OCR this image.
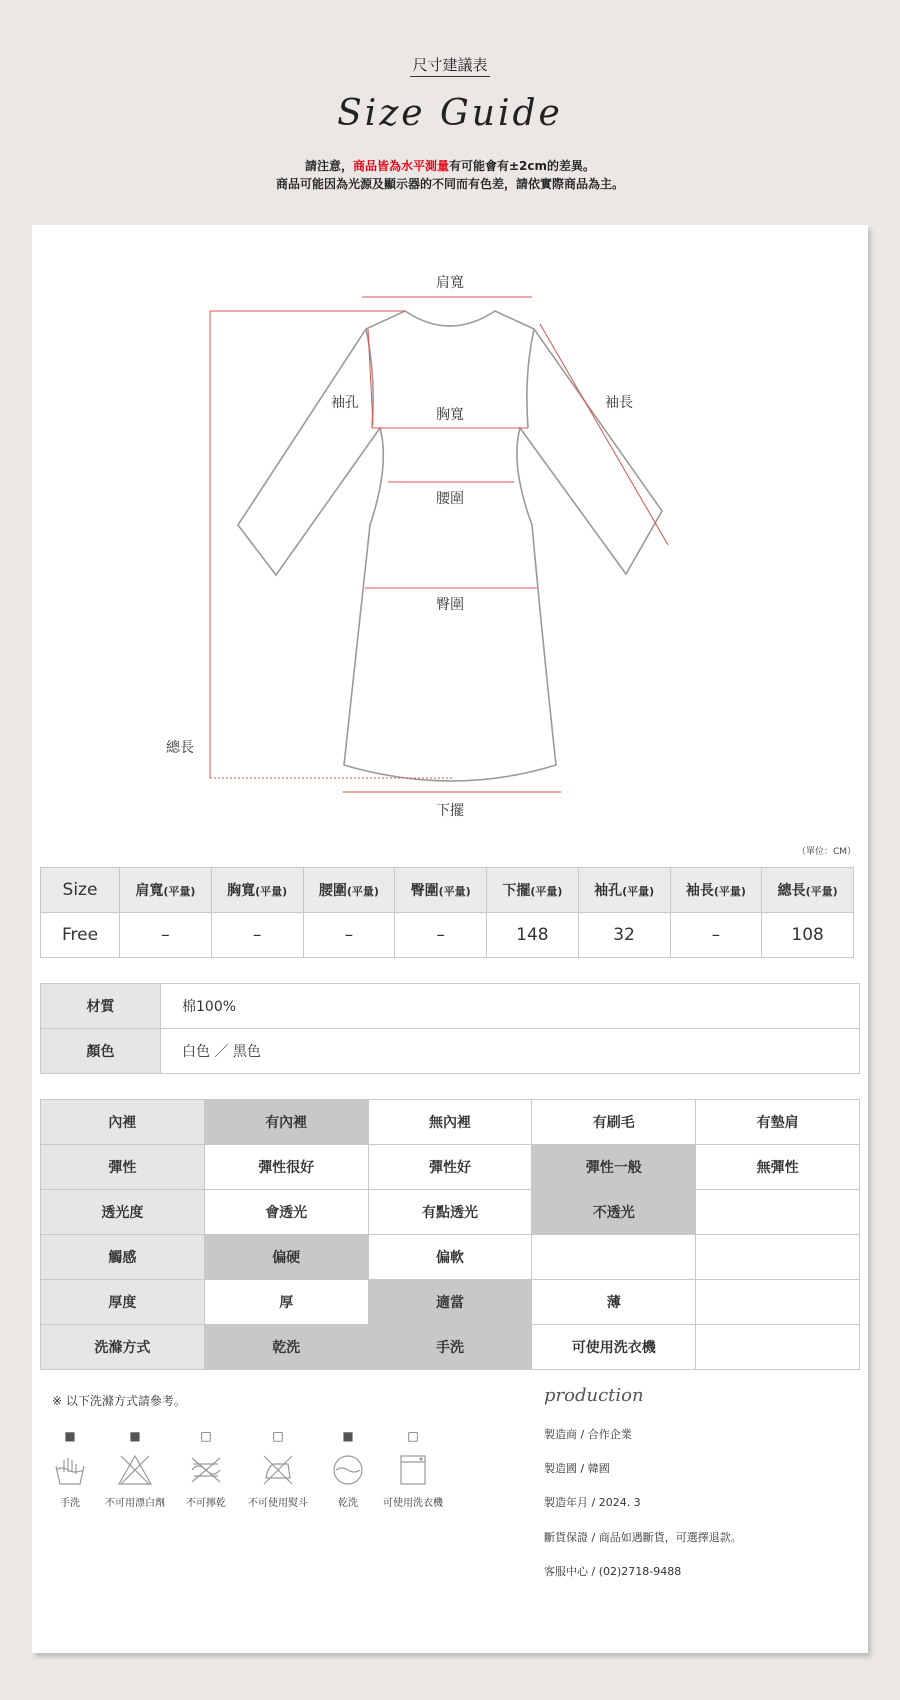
尺寸建議表
Size Guide
請注意，商品皆為水平測量有可能會有±2cm的差異。
商品可能因為光源及顯示器的不同而有色差，請依實際商品為主。
肩寬
袖孔
胸寬
袖長
腰圍
臀圍
總長
下擺
（單位：CM）
Size	肩寬(平量)	胸寬(平量)	腰圍(平量)	臀圍(平量)	下擺(平量)	袖孔(平量)	袖長(平量)	總長(平量)
Free	–	–	–	–	148	32	–	108
材質	棉100%
顏色	白色 ／ 黑色
內裡	有內裡	無內裡	有刷毛	有墊肩
彈性	彈性很好	彈性好	彈性一般	無彈性
透光度	會透光	有點透光	不透光	
觸感	偏硬	偏軟		
厚度	厚	適當	薄	
洗滌方式	乾洗	手洗	可使用洗衣機	
※ 以下洗滌方式請參考。
■
手洗
■
不可用漂白劑
□
不可擰乾
□
不可使用熨斗
■
乾洗
□
可使用洗衣機
production
製造商 / 合作企業
製造國 / 韓國
製造年月 / 2024. 3
斷貨保證 / 商品如遇斷貨，可選擇退款。
客服中心 / (02)2718-9488
